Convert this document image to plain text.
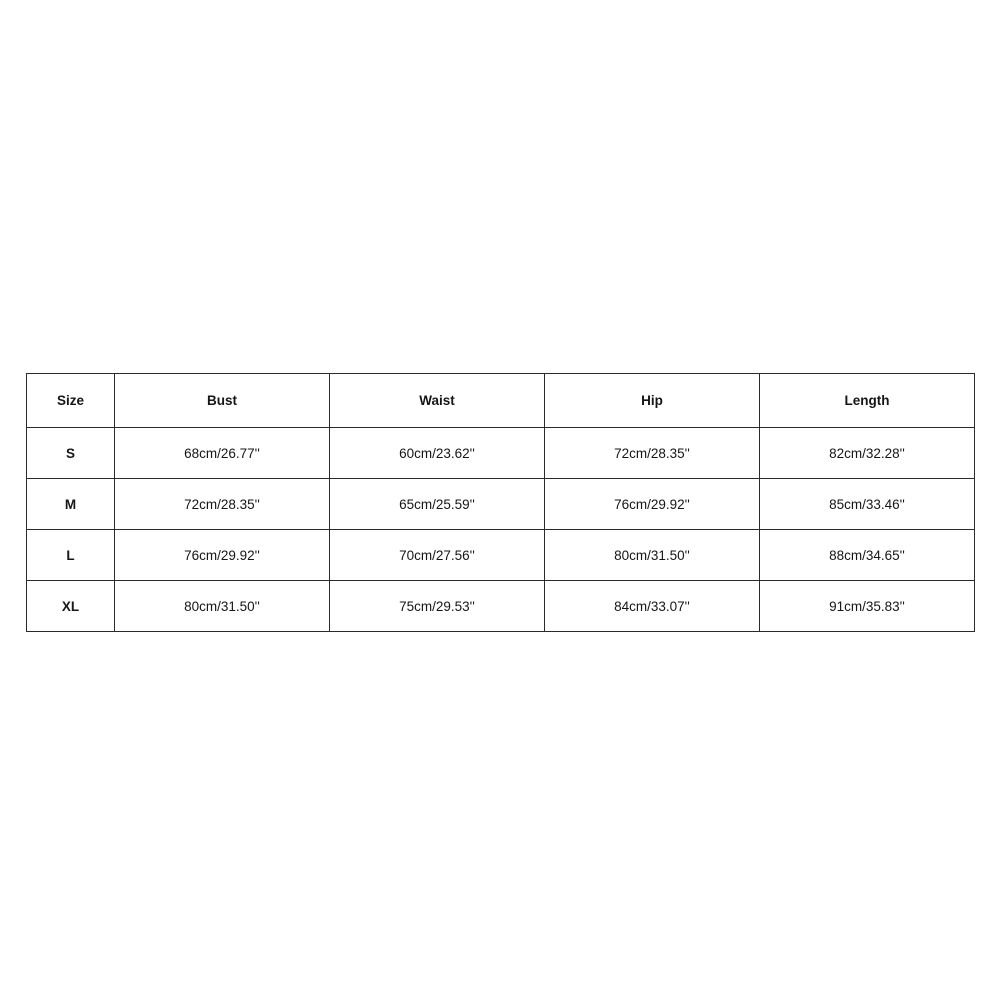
Size	Bust	Waist	Hip	Length
S	68cm/26.77''	60cm/23.62''	72cm/28.35''	82cm/32.28''
M	72cm/28.35''	65cm/25.59''	76cm/29.92''	85cm/33.46''
L	76cm/29.92''	70cm/27.56''	80cm/31.50''	88cm/34.65''
XL	80cm/31.50''	75cm/29.53''	84cm/33.07''	91cm/35.83''
